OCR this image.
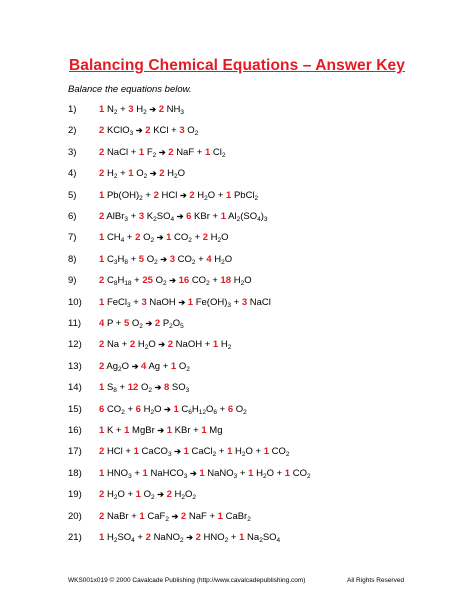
Balancing Chemical Equations – Answer Key
Balance the equations below.
1)	1 $N_2 + 3$ $H_2$ ➔ 2 $NH_3$
2)	2 KClO$_3$ ➔ 2 KCl + 3 $O_2$
3)	2 NaCl + 1 $F_2$ ➔ 2 NaF + 1 $Cl_2$
4)	2 $H_2 + 1$ $O_2$ ➔ 2 $H_2O$
5)	1 $Pb(OH)_2 + 2$ HCl ➔ 2 $H_2O + 1$ PbCl$_2$
6)	2 AlBr$_3$ + 3 $K_2SO_4$ ➔ 6 KBr + 1 $Al_2(SO_4)_3$
7)	1 $CH_4 + 2$ $O_2$ ➔ 1 $CO_2 + 2$ $H_2O$
8)	1 $C_3H_8 + 5$ $O_2$ ➔ 3 $CO_2 + 4$ $H_2O$
9)	2 $C_8H_{18} + 25$ $O_2$ ➔ 16 $CO_2 + 18$ $H_2O$
10)	1 FeCl$_3$ + 3 NaOH ➔ 1 $Fe(OH)_3 + 3$ NaCl
11)	4 P + 5 $O_2$ ➔ 2 $P_2O_5$
12)	2 Na + 2 $H_2O$ ➔ 2 NaOH + 1 $H_2$
13)	2 $Ag_2O$ ➔ 4 Ag + 1 $O_2$
14)	1 $S_8 + 12$ $O_2$ ➔ 8 $SO_3$
15)	6 $CO_2 + 6$ $H_2O$ ➔ 1 $C_6H_{12}O_6 + 6$ $O_2$
16)	1 K + 1 MgBr ➔ 1 KBr + 1 Mg
17)	2 HCl + 1 CaCO$_3$ ➔ 1 CaCl$_2$ + 1 $H_2O + 1$ $CO_2$
18)	1 $HNO_3 + 1$ NaHCO$_3$ ➔ 1 NaNO$_3$ + 1 $H_2O + 1$ $CO_2$
19)	2 $H_2O + 1$ $O_2$ ➔ 2 $H_2O_2$
20)	2 NaBr + 1 CaF$_2$ ➔ 2 NaF + 1 CaBr$_2$
21)	1 $H_2SO_4 + 2$ NaNO$_2$ ➔ 2 $HNO_2 + 1$ $Na_2SO_4$
WKS001x019 © 2000 Cavalcade Publishing (http://www.cavalcadepublishing.com)	All Rights Reserved
